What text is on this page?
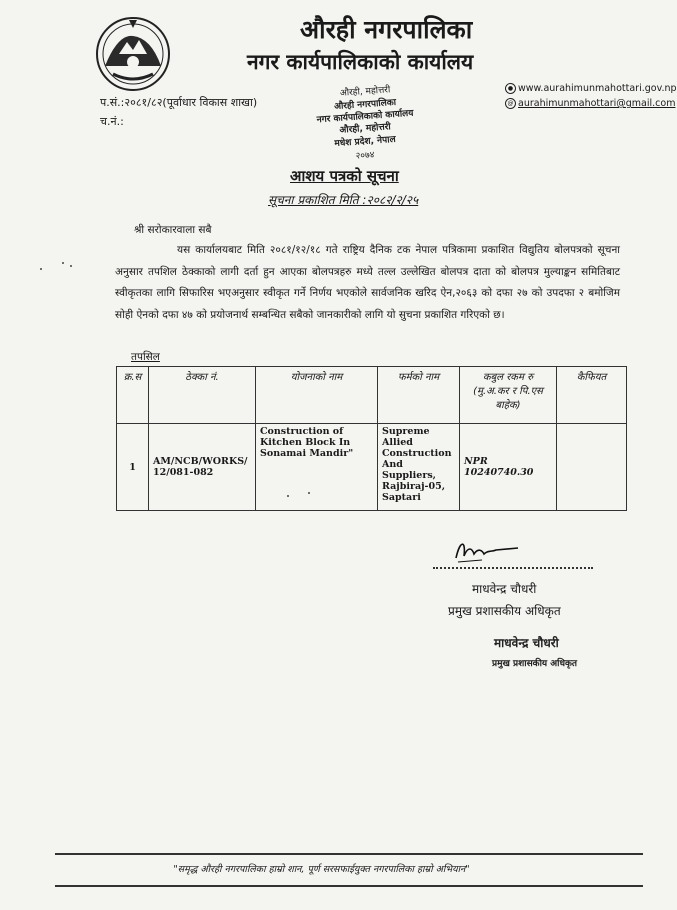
औरही नगरपालिका
नगर कार्यपालिकाको कार्यालय
प.सं.:२०८१/८२(पूर्वाधार विकास शाखा)
च.नं.:
● www.aurahimunmahottari.gov.np
@ aurahimunmahottari@gmail.com
औरही, महोत्तरी
औरही नगरपालिका
नगर कार्यपालिकाको कार्यालय
औरही, महोत्तरी
मधेश प्रदेश, नेपाल
२०७४
आशय पत्रको सूचना
सूचना प्रकाशित मिति :२०८२/२/२५
श्री सरोकारवाला सबै
यस कार्यालयबाट मिति २०८१/१२/१८ गते राष्ट्रिय दैनिक टक नेपाल पत्रिकामा प्रकाशित विद्युतिय बोलपत्रको सूचना अनुसार तपशिल ठेक्काको लागी दर्ता हुन आएका बोलपत्रहरु मध्ये तल्ल उल्लेखित बोलपत्र दाता को बोलपत्र मुल्याङ्कन समितिबाट स्वीकृतका लागि सिफारिस भएअनुसार स्वीकृत गर्ने निर्णय भएकोले सार्वजनिक खरिद ऐन,२०६३ को दफा २७ को उपदफा २ बमोजिम सोही ऐनको दफा ४७ को प्रयोजनार्थ सम्बन्धित सबैको जानकारीको लागि यो सुचना प्रकाशित गरिएको छ।
तपसिल
क्र.स	ठेक्का नं.	योजनाको नाम	फर्मको नाम	कबुल रकम रु (मु.अ.कर र पि.एस बाहेक)	कैफियत
1	AM/NCB/WORKS/ 12/081-082	Construction of Kitchen Block In Sonamai Mandir"	Supreme Allied Construction And Suppliers, Rajbiraj-05, Saptari	NPR 10240740.30	
माधवेन्द्र चौधरी
प्रमुख प्रशासकीय अधिकृत
माधवेन्द्र चौधरी
प्रमुख प्रशासकीय अधिकृत
"समृद्ध औरही नगरपालिका हाम्रो शान, पूर्ण सरसफाईयुक्त नगरपालिका हाम्रो अभियान"
